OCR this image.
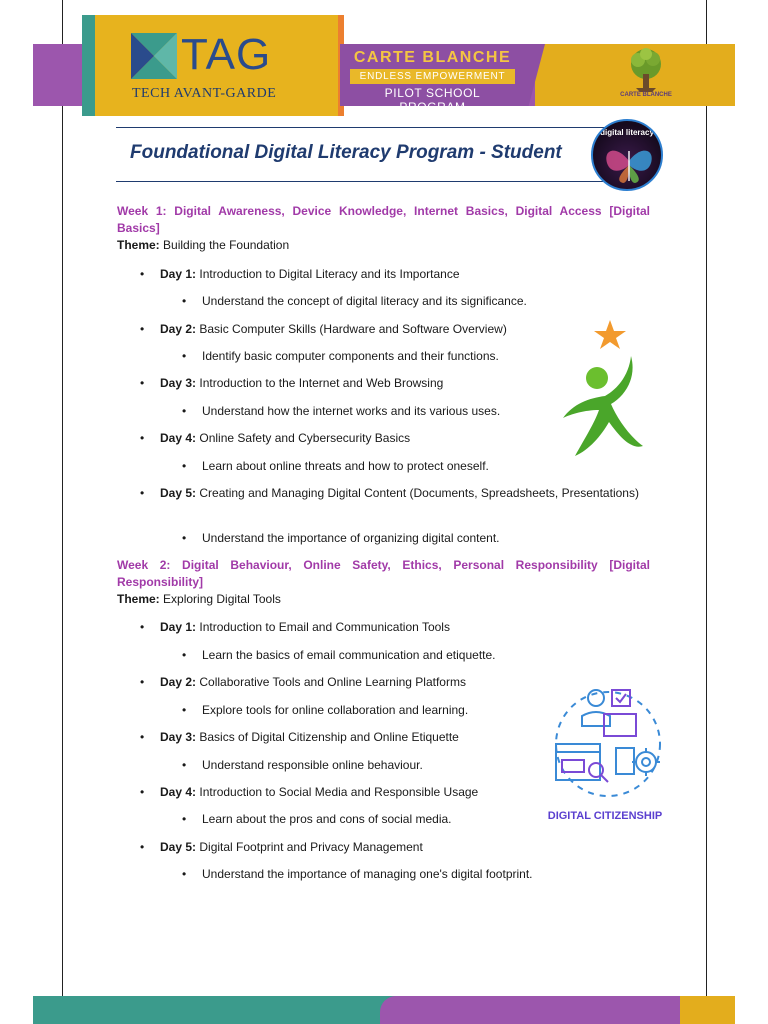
TAG
TECH AVANT-GARDE
CARTE BLANCHE
ENDLESS EMPOWERMENT
PILOT SCHOOL PROGRAM
CARTE BLANCHE
Foundational Digital Literacy Program - Student
digital literacy
Week 1: Digital Awareness, Device Knowledge, Internet Basics, Digital Access [Digital Basics]
Theme: Building the Foundation
• Day 1: Introduction to Digital Literacy and its Importance
• Understand the concept of digital literacy and its significance.
• Day 2: Basic Computer Skills (Hardware and Software Overview)
• Identify basic computer components and their functions.
• Day 3: Introduction to the Internet and Web Browsing
• Understand how the internet works and its various uses.
• Day 4: Online Safety and Cybersecurity Basics
• Learn about online threats and how to protect oneself.
• Day 5: Creating and Managing Digital Content (Documents, Spreadsheets, Presentations)
• Understand the importance of organizing digital content.
Week 2: Digital Behaviour, Online Safety, Ethics, Personal Responsibility [Digital Responsibility]
Theme: Exploring Digital Tools
• Day 1: Introduction to Email and Communication Tools
• Learn the basics of email communication and etiquette.
• Day 2: Collaborative Tools and Online Learning Platforms
• Explore tools for online collaboration and learning.
• Day 3: Basics of Digital Citizenship and Online Etiquette
• Understand responsible online behaviour.
• Day 4: Introduction to Social Media and Responsible Usage
• Learn about the pros and cons of social media.
• Day 5: Digital Footprint and Privacy Management
• Understand the importance of managing one's digital footprint.
DIGITAL CITIZENSHIP
